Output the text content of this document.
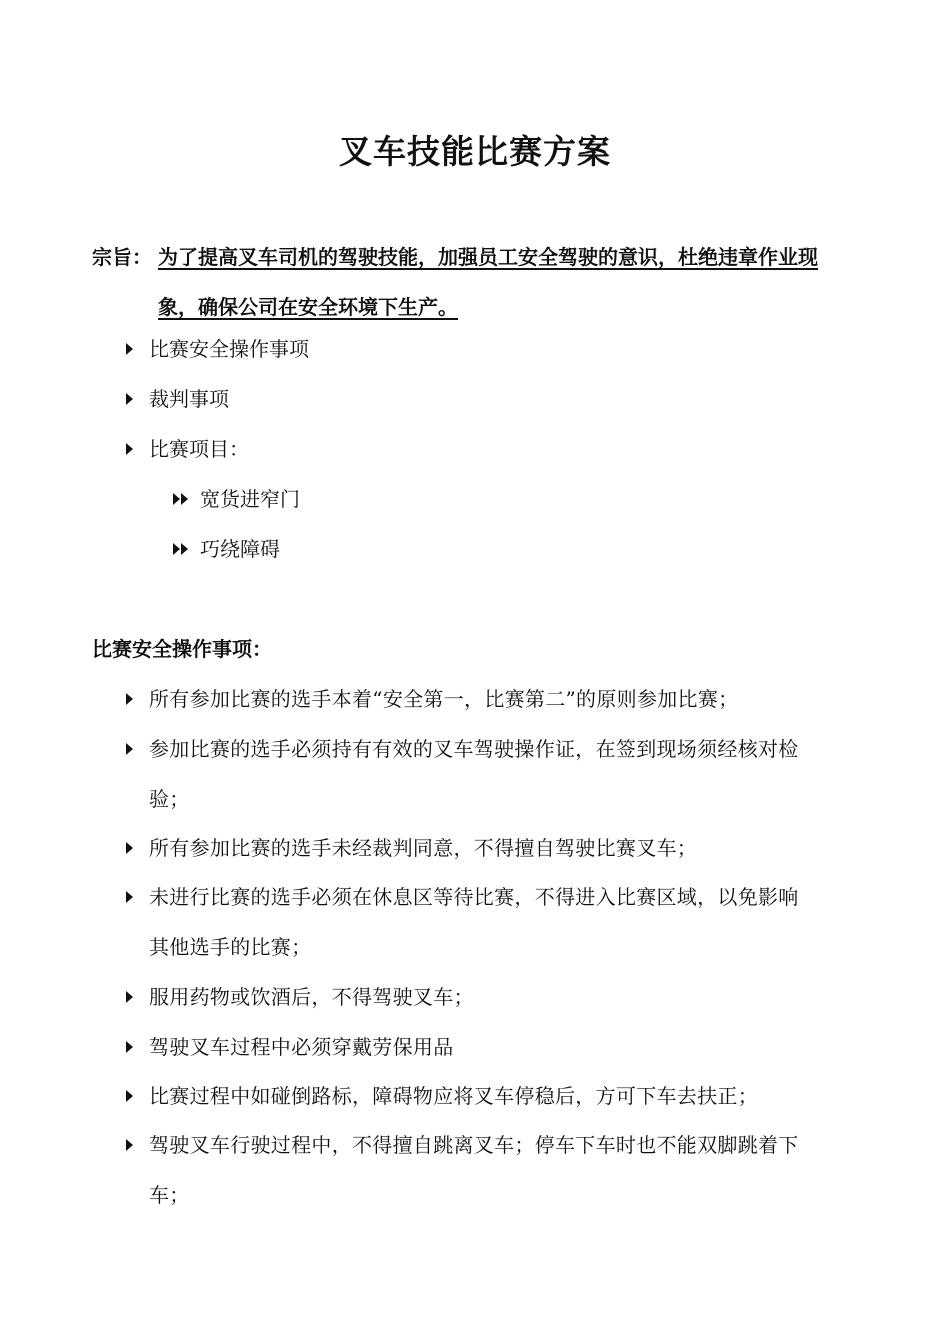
叉车技能比赛方案
宗旨： 为了提高叉车司机的驾驶技能，加强员工安全驾驶的意识，杜绝违章作业现象，确保公司在安全环境下生产。
比赛安全操作事项
裁判事项
比赛项目：
宽货进窄门
巧绕障碍
比赛安全操作事项：
所有参加比赛的选手本着“安全第一，比赛第二”的原则参加比赛；
参加比赛的选手必须持有有效的叉车驾驶操作证，在签到现场须经核对检验；
所有参加比赛的选手未经裁判同意，不得擅自驾驶比赛叉车；
未进行比赛的选手必须在休息区等待比赛，不得进入比赛区域，以免影响其他选手的比赛；
服用药物或饮酒后，不得驾驶叉车；
驾驶叉车过程中必须穿戴劳保用品
比赛过程中如碰倒路标，障碍物应将叉车停稳后，方可下车去扶正；
驾驶叉车行驶过程中，不得擅自跳离叉车；停车下车时也不能双脚跳着下车；
